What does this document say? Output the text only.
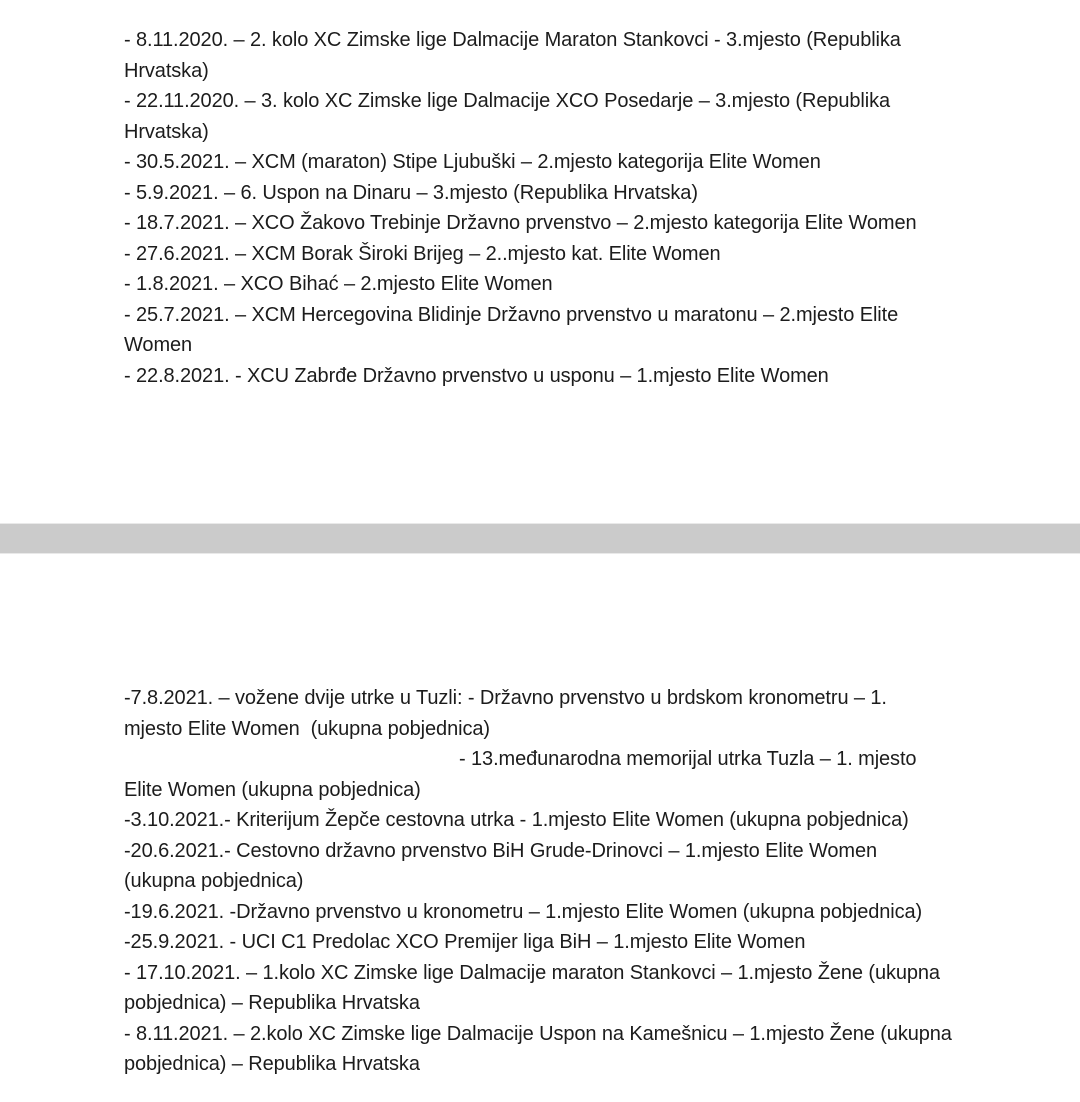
- 8.11.2020. – 2. kolo XC Zimske lige Dalmacije Maraton Stankovci - 3.mjesto (Republika
Hrvatska)
- 22.11.2020. – 3. kolo XC Zimske lige Dalmacije XCO Posedarje – 3.mjesto (Republika
Hrvatska)
- 30.5.2021. – XCM (maraton) Stipe Ljubuški – 2.mjesto kategorija Elite Women
- 5.9.2021. – 6. Uspon na Dinaru – 3.mjesto (Republika Hrvatska)
- 18.7.2021. – XCO Žakovo Trebinje Državno prvenstvo – 2.mjesto kategorija Elite Women
- 27.6.2021. – XCM Borak Široki Brijeg – 2..mjesto kat. Elite Women
- 1.8.2021. – XCO Bihać – 2.mjesto Elite Women
- 25.7.2021. – XCM Hercegovina Blidinje Državno prvenstvo u maratonu – 2.mjesto Elite
Women
- 22.8.2021. - XCU Zabrđe Državno prvenstvo u usponu – 1.mjesto Elite Women
-7.8.2021. – vožene dvije utrke u Tuzli: - Državno prvenstvo u brdskom kronometru – 1.
mjesto Elite Women  (ukupna pobjednica)
- 13.međunarodna memorijal utrka Tuzla – 1. mjesto
Elite Women (ukupna pobjednica)
-3.10.2021.- Kriterijum Žepče cestovna utrka - 1.mjesto Elite Women (ukupna pobjednica)
-20.6.2021.- Cestovno državno prvenstvo BiH Grude-Drinovci – 1.mjesto Elite Women
(ukupna pobjednica)
-19.6.2021. -Državno prvenstvo u kronometru – 1.mjesto Elite Women (ukupna pobjednica)
-25.9.2021. - UCI C1 Predolac XCO Premijer liga BiH – 1.mjesto Elite Women
- 17.10.2021. – 1.kolo XC Zimske lige Dalmacije maraton Stankovci – 1.mjesto Žene (ukupna
pobjednica) – Republika Hrvatska
- 8.11.2021. – 2.kolo XC Zimske lige Dalmacije Uspon na Kamešnicu – 1.mjesto Žene (ukupna
pobjednica) – Republika Hrvatska
